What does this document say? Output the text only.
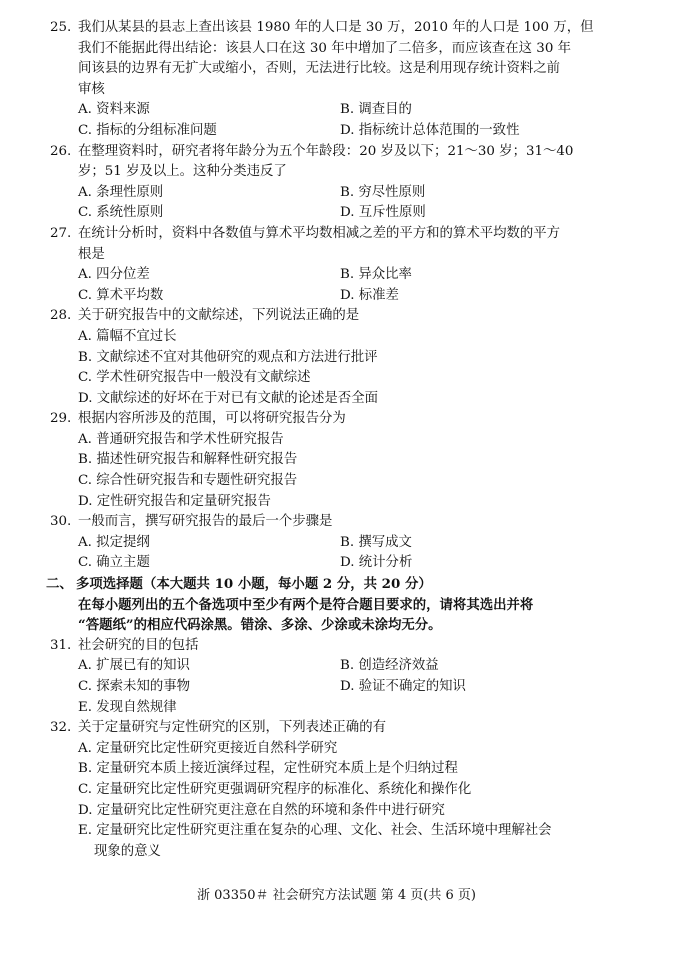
25. 我们从某县的县志上查出该县 1980 年的人口是 30 万，2010 年的人口是 100 万，但
我们不能据此得出结论：该县人口在这 30 年中增加了二倍多，而应该查在这 30 年
间该县的边界有无扩大或缩小，否则，无法进行比较。这是利用现存统计资料之前
审核
A. 资料来源	B. 调查目的
C. 指标的分组标准问题	D. 指标统计总体范围的一致性
26. 在整理资料时，研究者将年龄分为五个年龄段：20 岁及以下；21～30 岁；31～40
岁；51 岁及以上。这种分类违反了
A. 条理性原则	B. 穷尽性原则
C. 系统性原则	D. 互斥性原则
27. 在统计分析时，资料中各数值与算术平均数相减之差的平方和的算术平均数的平方
根是
A. 四分位差	B. 异众比率
C. 算术平均数	D. 标准差
28. 关于研究报告中的文献综述，下列说法正确的是
A. 篇幅不宜过长
B. 文献综述不宜对其他研究的观点和方法进行批评
C. 学术性研究报告中一般没有文献综述
D. 文献综述的好坏在于对已有文献的论述是否全面
29. 根据内容所涉及的范围，可以将研究报告分为
A. 普通研究报告和学术性研究报告
B. 描述性研究报告和解释性研究报告
C. 综合性研究报告和专题性研究报告
D. 定性研究报告和定量研究报告
30. 一般而言，撰写研究报告的最后一个步骤是
A. 拟定提纲	B. 撰写成文
C. 确立主题	D. 统计分析
二、 多项选择题（本大题共 10 小题，每小题 2 分，共 20 分）
在每小题列出的五个备选项中至少有两个是符合题目要求的，请将其选出并将
“答题纸”的相应代码涂黑。错涂、多涂、少涂或未涂均无分。
31. 社会研究的目的包括
A. 扩展已有的知识	B. 创造经济效益
C. 探索未知的事物	D. 验证不确定的知识
E. 发现自然规律
32. 关于定量研究与定性研究的区别，下列表述正确的有
A. 定量研究比定性研究更接近自然科学研究
B. 定量研究本质上接近演绎过程，定性研究本质上是个归纳过程
C. 定量研究比定性研究更强调研究程序的标准化、系统化和操作化
D. 定量研究比定性研究更注意在自然的环境和条件中进行研究
E. 定量研究比定性研究更注重在复杂的心理、文化、社会、生活环境中理解社会
现象的意义
浙 03350＃ 社会研究方法试题 第 4 页(共 6 页)
